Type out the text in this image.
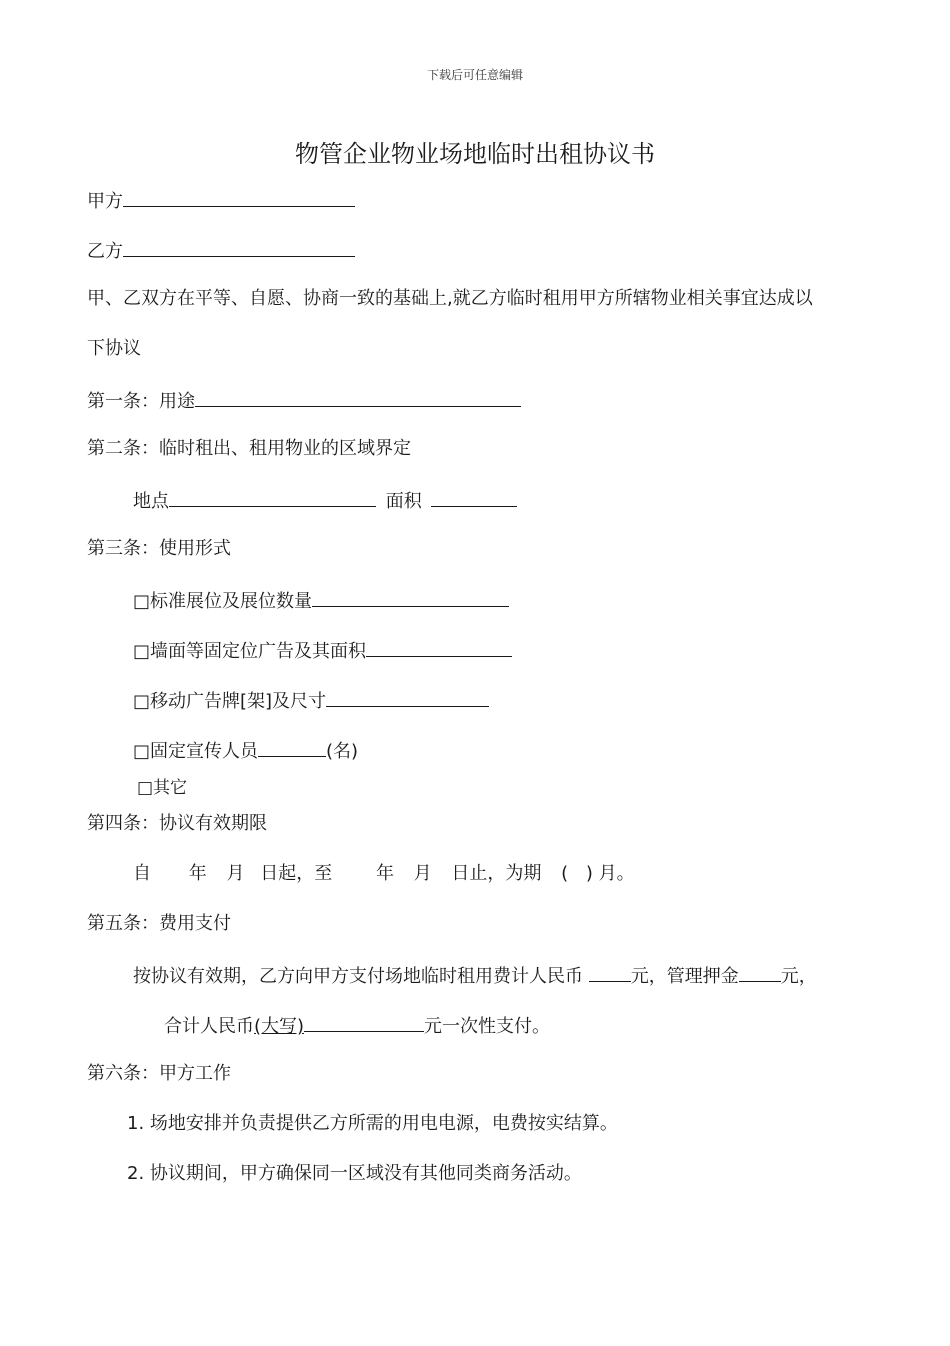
下载后可任意编辑
物管企业物业场地临时出租协议书
甲方
乙方
甲、乙双方在平等、自愿、协商一致的基础上,就乙方临时租用甲方所辖物业相关事宜达成以
下协议
第一条：用途
第二条：临时租出、租用物业的区域界定
地点	面积
第三条：使用形式
□标准展位及展位数量
□墙面等固定位广告及其面积
□移动广告牌[架]及尺寸
□固定宣传人员	(名)
□其它
第四条：协议有效期限
自 年 月 日起，至 年 月 日止，为期 ( ) 月。
第五条：费用支付
按协议有效期，乙方向甲方支付场地临时租用费计人民币	元，管理押金 元，
合计人民币(大写)	元一次性支付。
第六条：甲方工作
1. 场地安排并负责提供乙方所需的用电电源，电费按实结算。
2. 协议期间，甲方确保同一区域没有其他同类商务活动。
